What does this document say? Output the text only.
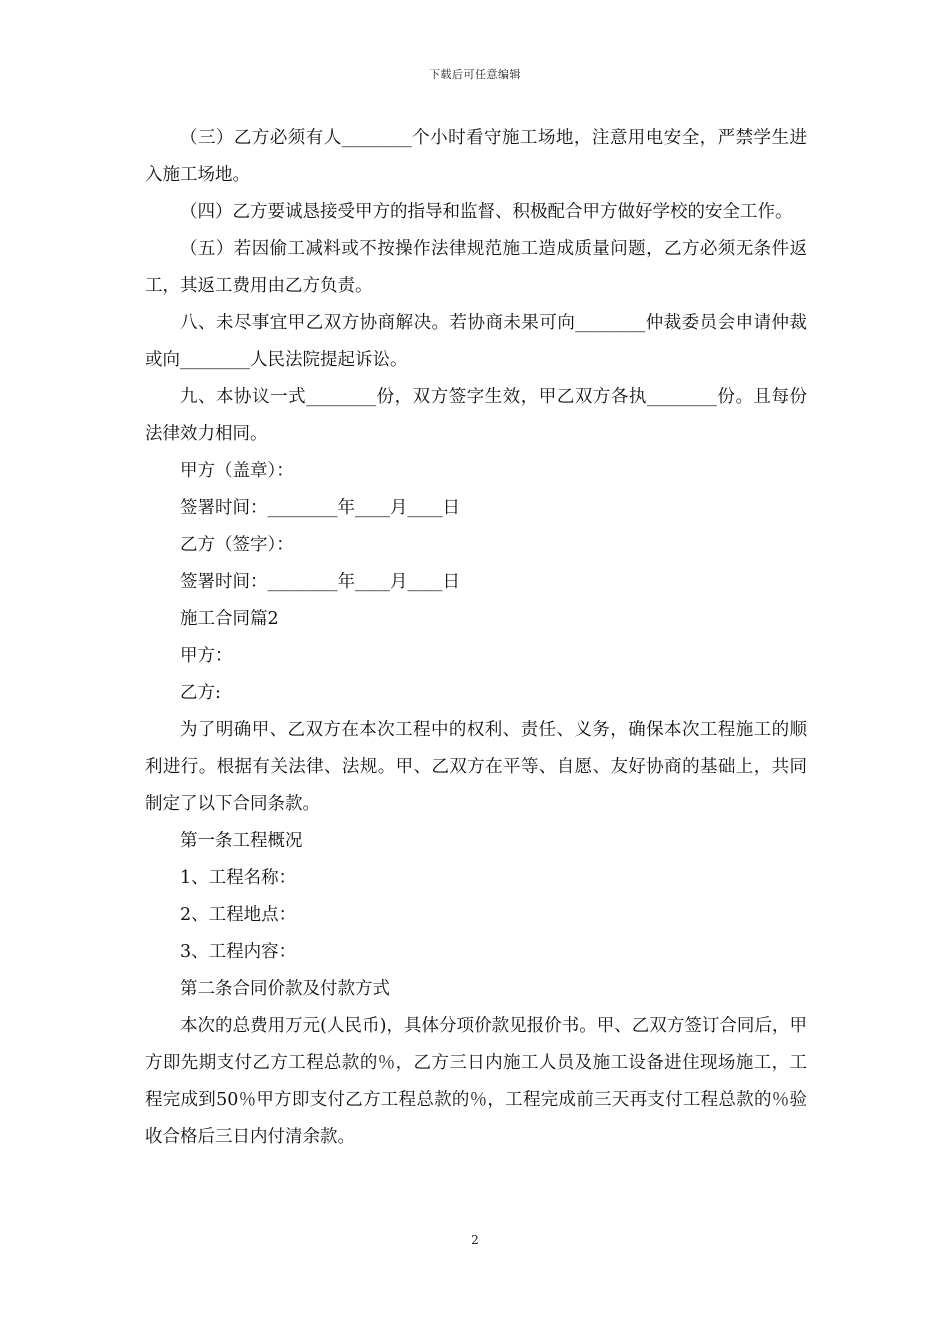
下载后可任意编辑

（三）乙方必须有人________个小时看守施工场地，注意用电安全，严禁学生进入施工场地。

（四）乙方要诚恳接受甲方的指导和监督、积极配合甲方做好学校的安全工作。

（五）若因偷工减料或不按操作法律规范施工造成质量问题，乙方必须无条件返工，其返工费用由乙方负责。

八、未尽事宜甲乙双方协商解决。若协商未果可向________仲裁委员会申请仲裁或向________人民法院提起诉讼。

九、本协议一式________份，双方签字生效，甲乙双方各执________份。且每份法律效力相同。

甲方（盖章）：

签署时间：________年____月____日

乙方（签字）：

签署时间：________年____月____日

施工合同篇2

甲方：

乙方:

为了明确甲、乙双方在本次工程中的权利、责任、义务，确保本次工程施工的顺利进行。根据有关法律、法规。甲、乙双方在平等、自愿、友好协商的基础上，共同制定了以下合同条款。

第一条工程概况

1、工程名称：

2、工程地点：

3、工程内容：

第二条合同价款及付款方式

本次的总费用万元(人民币)，具体分项价款见报价书。甲、乙双方签订合同后，甲方即先期支付乙方工程总款的％，乙方三日内施工人员及施工设备进住现场施工，工程完成到50％甲方即支付乙方工程总款的％，工程完成前三天再支付工程总款的％验收合格后三日内付清余款。

2
